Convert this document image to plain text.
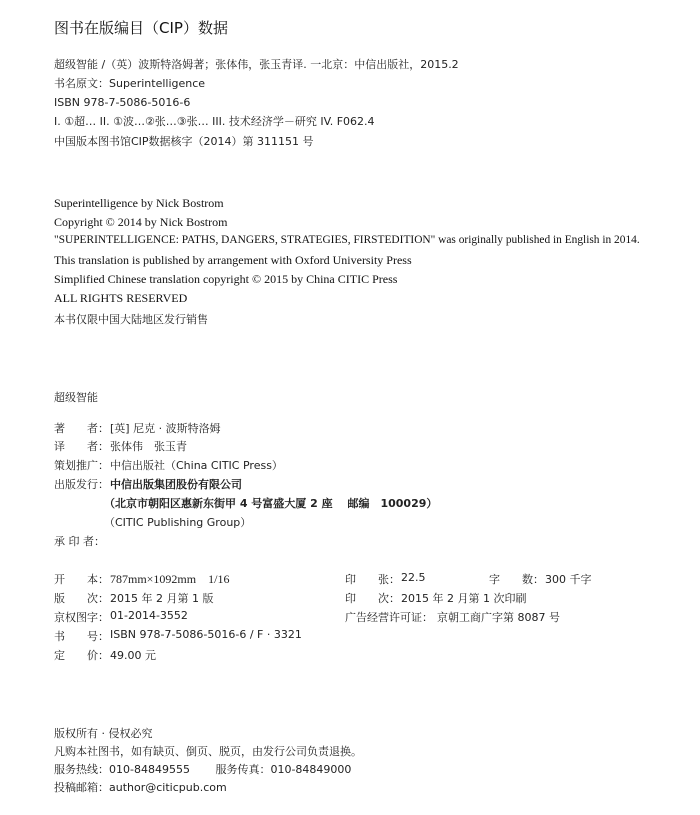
图书在版编目（CIP）数据
超级智能 /（英）波斯特洛姆著；张体伟，张玉青译. 一北京：中信出版社，2015.2
书名原文：Superintelligence
ISBN 978-7-5086-5016-6
I. ①超… II. ①波…②张…③张… III. 技术经济学－研究 IV. F062.4
中国版本图书馆CIP数据核字（2014）第 311151 号
Superintelligence by Nick Bostrom
Copyright © 2014 by Nick Bostrom
"SUPERINTELLIGENCE: PATHS, DANGERS, STRATEGIES, FIRSTEDITION" was originally published in English in 2014.
This translation is published by arrangement with Oxford University Press
Simplified Chinese translation copyright © 2015 by China CITIC Press
ALL RIGHTS RESERVED
本书仅限中国大陆地区发行销售
超级智能
著　　者： [英] 尼克 · 波斯特洛姆
译　　者： 张体伟　张玉青
策划推广： 中信出版社（China CITIC Press）
出版发行： 中信出版集团股份有限公司
（北京市朝阳区惠新东街甲 4 号富盛大厦 2 座　 邮编　100029）
（CITIC Publishing Group）
承 印 者：
开　　本： 787mm×1092mm　1/16	印　　张： 22.5	字　　数： 300 千字
版　　次： 2015 年 2 月第 1 版	印　　次： 2015 年 2 月第 1 次印刷
京权图字： 01-2014-3552	广告经营许可证： 京朝工商广字第 8087 号
书　　号： ISBN 978-7-5086-5016-6 / F · 3321
定　　价： 49.00 元
版权所有 · 侵权必究
凡购本社图书，如有缺页、倒页、脱页，由发行公司负责退换。
服务热线：010-84849555　　 服务传真：010-84849000
投稿邮箱：author@citicpub.com
